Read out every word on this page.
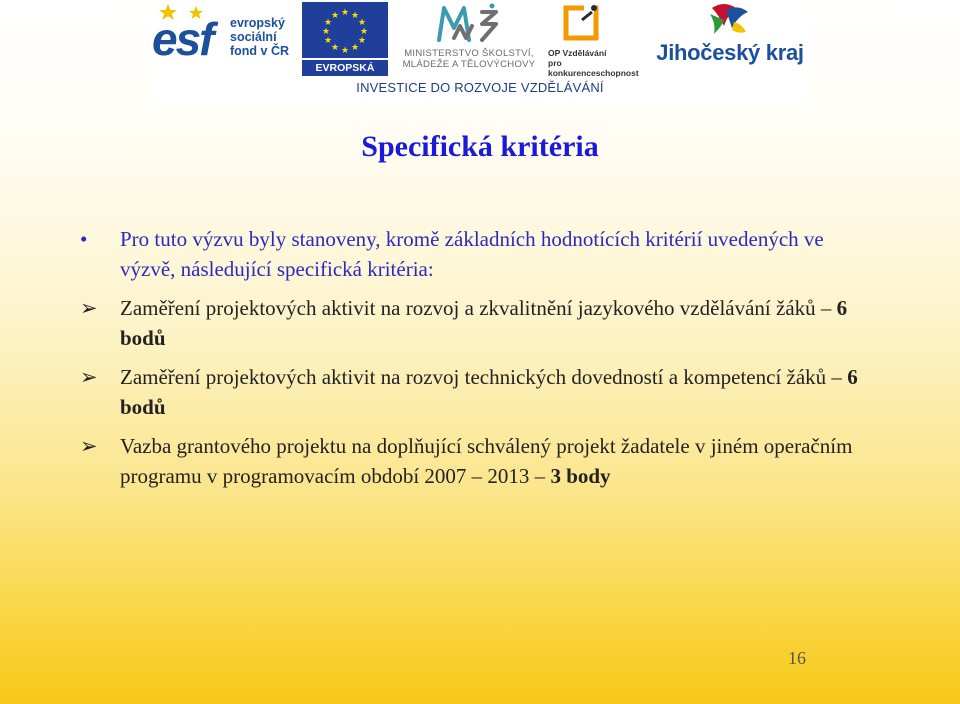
esf evropský
sociální
fond v ČR
★ ★
★
★
★
★
★
★
★
★
★
★
EVROPSKÁ UNIE
MINISTERSTVO ŠKOLSTVÍ,
MLÁDEŽE A TĚLOVÝCHOVY
OP Vzdělávání
pro konkurenceschopnost
Jihočeský kraj
INVESTICE DO ROZVOJE VZDĚLÁVÁNÍ
Specifická kritéria
•	Pro tuto výzvu byly stanoveny, kromě základních hodnotících kritérií uvedených ve výzvě, následující specifická kritéria:
➢	Zaměření projektových aktivit na rozvoj a zkvalitnění jazykového vzdělávání žáků – 6 bodů
➢	Zaměření projektových aktivit na rozvoj technických dovedností a kompetencí žáků – 6 bodů
➢	Vazba grantového projektu na doplňující schválený projekt žadatele v jiném operačním programu v programovacím období 2007 – 2013 – 3 body
16
